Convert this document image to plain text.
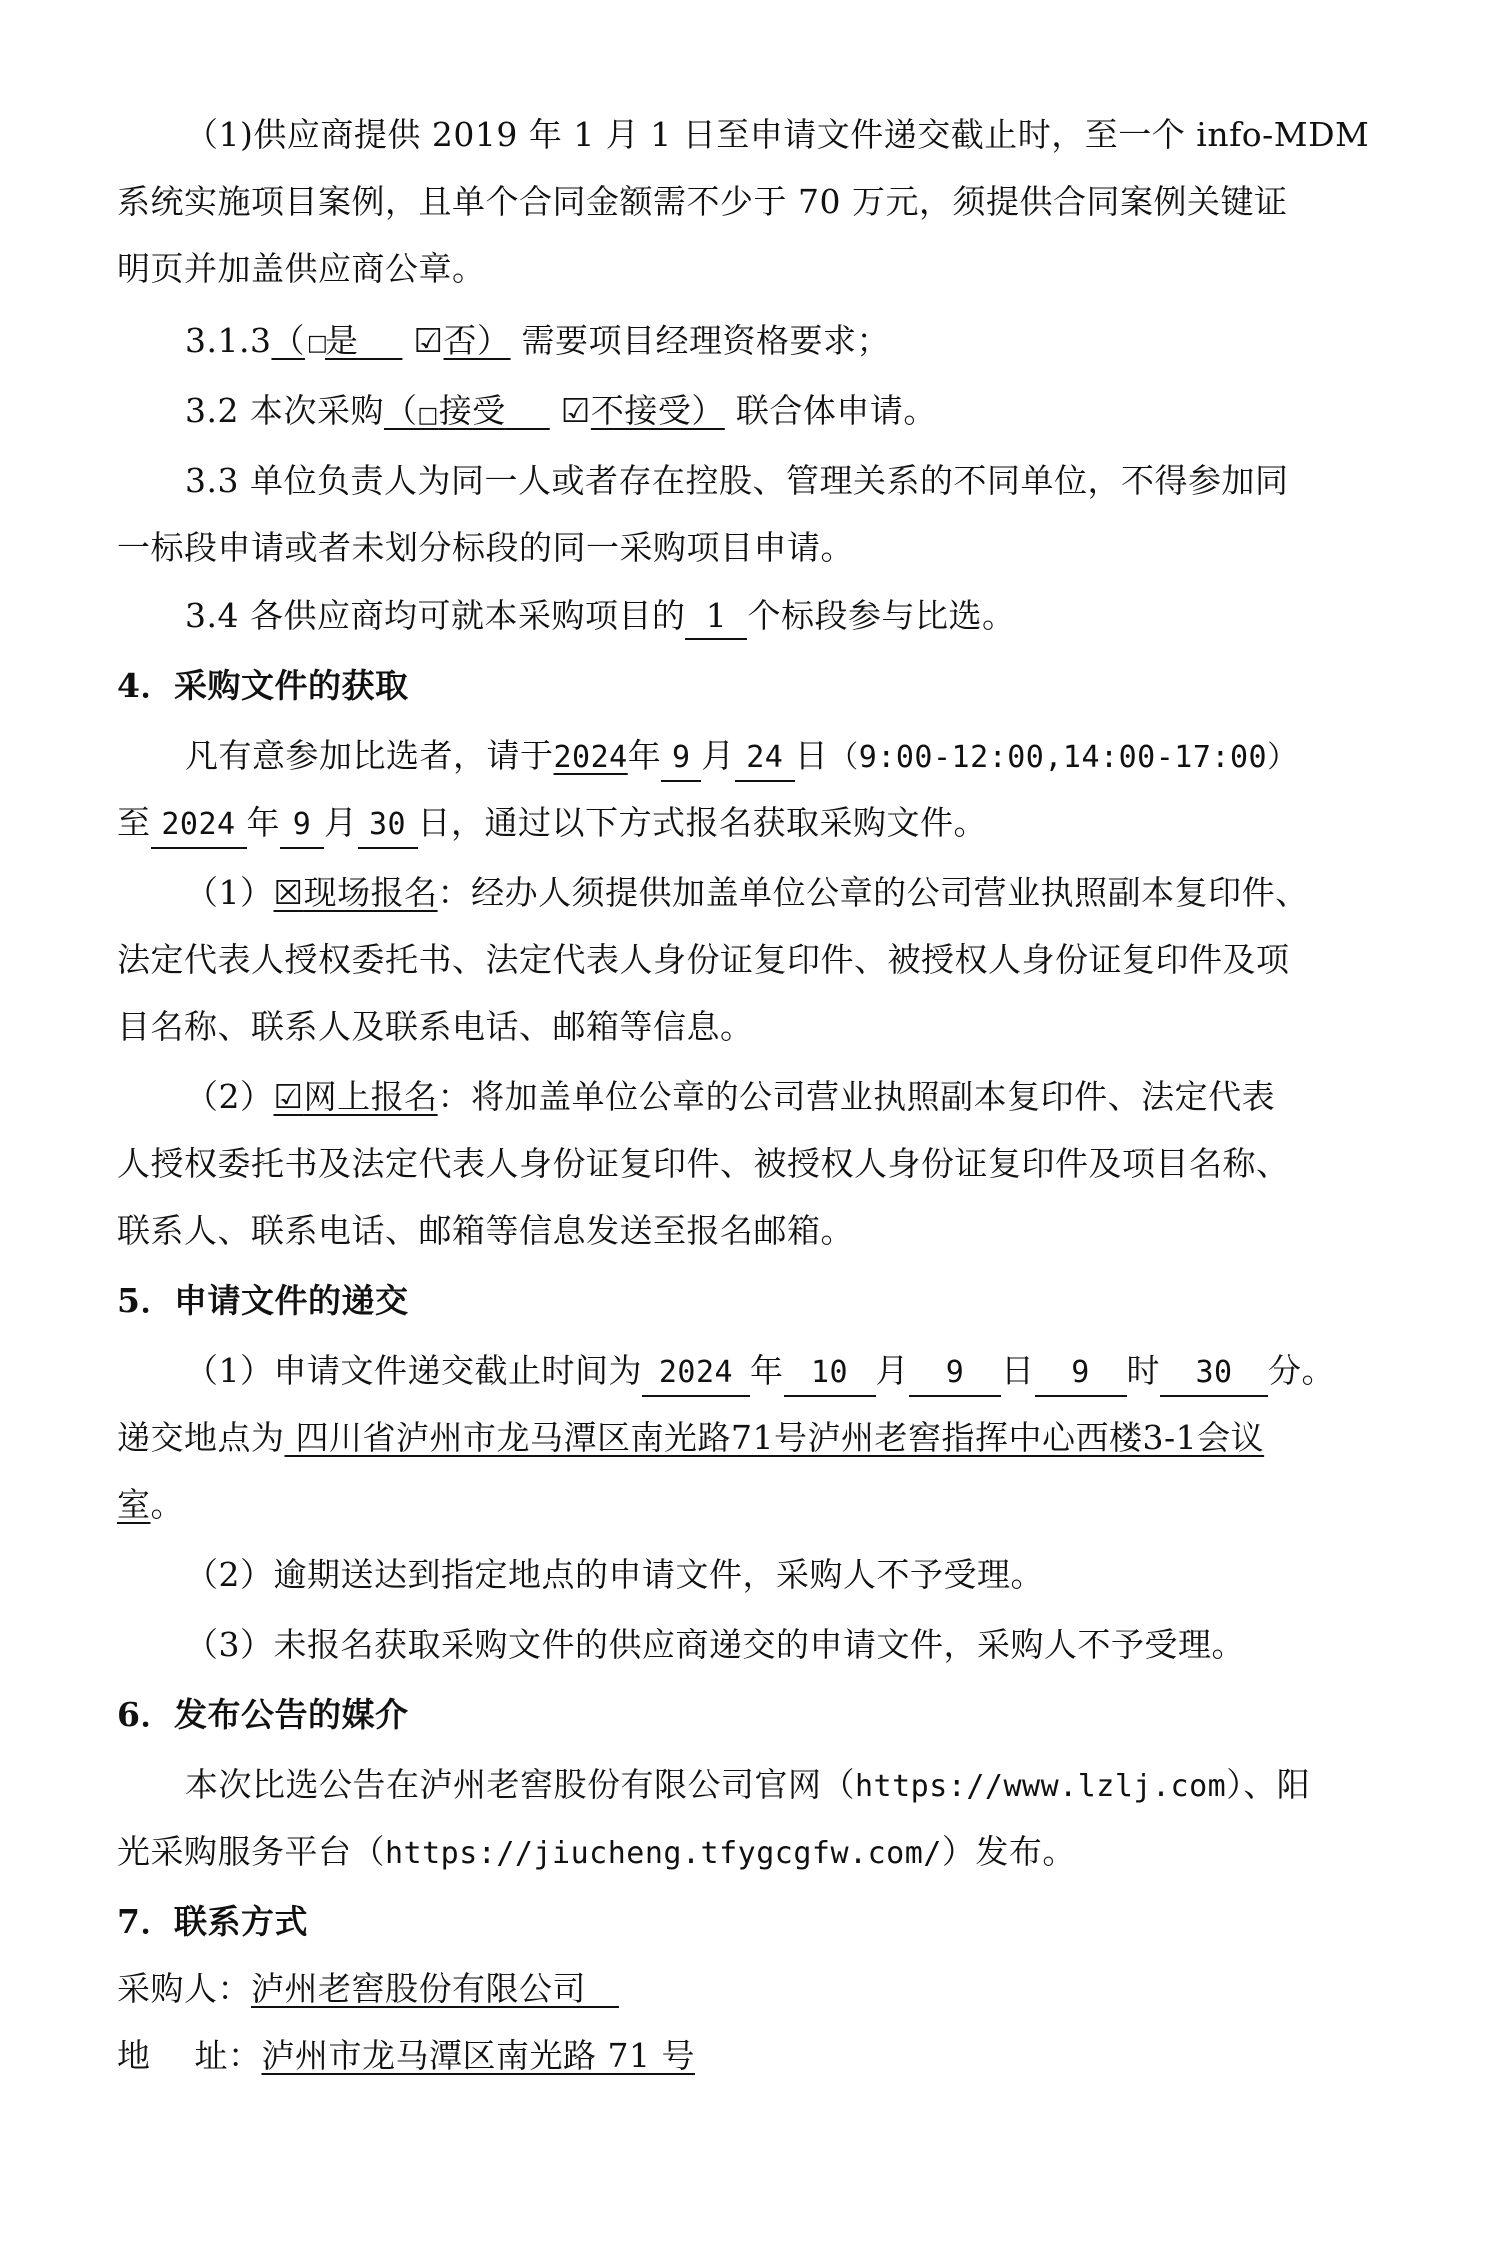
（1)供应商提供 2019 年 1 月 1 日至申请文件递交截止时，至一个 info-MDM
系统实施项目案例，且单个合同金额需不少于 70 万元，须提供合同案例关键证
明页并加盖供应商公章。
3.1.3（□是 ☑否） 需要项目经理资格要求；
3.2 本次采购（□接受 ☑不接受） 联合体申请。
3.3 单位负责人为同一人或者存在控股、管理关系的不同单位，不得参加同
一标段申请或者未划分标段的同一采购项目申请。
3.4 各供应商均可就本采购项目的 1 个标段参与比选。
4．采购文件的获取
凡有意参加比选者，请于2024年 9 月 24 日（9:00-12:00,14:00-17:00）
至 2024 年 9 月 30 日，通过以下方式报名获取采购文件。
（1）☒现场报名：经办人须提供加盖单位公章的公司营业执照副本复印件、
法定代表人授权委托书、法定代表人身份证复印件、被授权人身份证复印件及项
目名称、联系人及联系电话、邮箱等信息。
（2）☑网上报名：将加盖单位公章的公司营业执照副本复印件、法定代表
人授权委托书及法定代表人身份证复印件、被授权人身份证复印件及项目名称、
联系人、联系电话、邮箱等信息发送至报名邮箱。
5．申请文件的递交
（1）申请文件递交截止时间为 2024 年 10 月 9 日 9 时 30 分。
递交地点为 四川省泸州市龙马潭区南光路71号泸州老窖指挥中心西楼3-1会议
室。
（2）逾期送达到指定地点的申请文件，采购人不予受理。
（3）未报名获取采购文件的供应商递交的申请文件，采购人不予受理。
6．发布公告的媒介
本次比选公告在泸州老窖股份有限公司官网（https://www.lzlj.com）、阳
光采购服务平台（https://jiucheng.tfygcgfw.com/）发布。
7．联系方式
采购人：泸州老窖股份有限公司
地    址：泸州市龙马潭区南光路 71 号
